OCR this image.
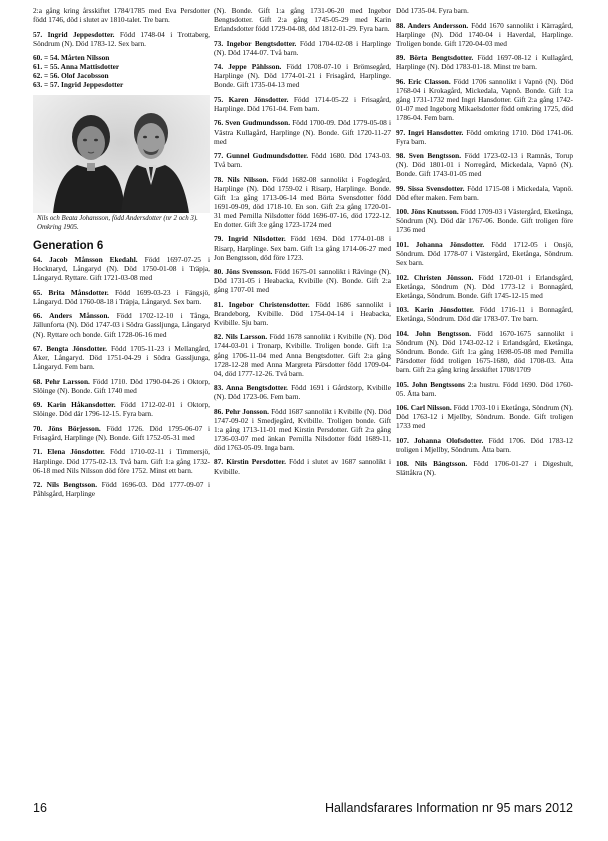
2:a gång kring årsskiftet 1784/1785 med Eva Persdotter född 1746, död i slutet av 1810-talet. Tre barn.
57. Ingrid Jeppesdotter. Född 1748-04 i Trottaberg, Söndrum (N). Död 1783-12. Sex barn.

60. = 54. Mårten Nilsson

61. = 55. Anna Mattisdotter

62. = 56. Olof Jacobsson

63. = 57. Ingrid Jeppesdotter

Nils och Beata Johansson, född Andersdotter (nr 2 och 3). Omkring 1905.
Generation 6
64. Jacob Månsson Ekedahl. Född 1697-07-25 i Hocknaryd, Långaryd (N). Död 1750-01-08 i Träpja, Långaryd. Ryttare. Gift 1721-03-08 med
65. Brita Månsdotter. Född 1699-03-23 i Fängsjö, Långaryd. Död 1760-08-18 i Träpja, Långaryd. Sex barn.
66. Anders Månsson. Född 1702-12-10 i Tånga, Jällunforta (N). Död 1747-03 i Södra Gassljunga, Långaryd (N). Ryttare och bonde. Gift 1728-06-16 med
67. Bengta Jönsdotter. Född 1705-11-23 i Mellangård, Åker, Långaryd. Död 1751-04-29 i Södra Gassljunga, Långaryd. Fem barn.
68. Pehr Larsson. Född 1710. Död 1790-04-26 i Oktorp, Slöinge (N). Bonde. Gift 1740 med
69. Karin Håkansdotter. Född 1712-02-01 i Oktorp, Slöinge. Död där 1796-12-15. Fyra barn.
70. Jöns Börjesson. Född 1726. Död 1795-06-07 i Frisagård, Harplinge (N). Bonde. Gift 1752-05-31 med
71. Elena Jönsdotter. Född 1710-02-11 i Timmersjö, Harplinge. Död 1775-02-13. Två barn. Gift 1:a gång 1732-06-18 med Nils Nilsson död före 1752. Minst ett barn.
72. Nils Bengtsson. Född 1696-03. Död 1777-09-07 i Påhlsgård, Harplinge
(N). Bonde. Gift 1:a gång 1731-06-20 med Ingebor Bengtsdotter. Gift 2:a gång 1745-05-29 med Karin Erlandsdotter född 1729-04-08, död 1812-01-29. Fyra barn.
73. Ingebor Bengtsdotter. Född 1704-02-08 i Harplinge (N). Död 1744-07. Två barn.
74. Jeppe Pählsson. Född 1708-07-10 i Brömsegård, Harplinge (N). Död 1774-01-21 i Frisagård, Harplinge. Bonde. Gift 1735-04-13 med
75. Karen Jönsdotter. Född 1714-05-22 i Frisagård, Harplinge. Död 1761-04. Fem barn.
76. Sven Gudmundsson. Född 1700-09. Död 1779-05-08 i Västra Kullagård, Harplinge (N). Bonde. Gift 1720-11-27 med
77. Gunnel Gudmundsdotter. Född 1680. Död 1743-03. Två barn.
78. Nils Nilsson. Född 1682-08 sannolikt i Fogdegård, Harplinge (N). Död 1759-02 i Risarp, Harplinge. Bonde. Gift 1:a gång 1713-06-14 med Börta Svensdotter född 1691-09-09, död 1718-10. En son. Gift 2:a gång 1720-01-31 med Pernilla Nilsdotter född 1696-07-16, död 1722-12. En dotter. Gift 3:e gång 1723-1724 med
79. Ingrid Nilsdotter. Född 1694. Död 1774-01-08 i Risarp, Harplinge. Sex barn. Gift 1:a gång 1714-06-27 med Jon Bengtsson, död före 1723.
80. Jöns Svensson. Född 1675-01 sannolikt i Rävinge (N). Död 1731-05 i Heabacka, Kvibille (N). Bonde. Gift 2:a gång 1707-01 med
81. Ingebor Christensdotter. Född 1686 sannolikt i Brandeborg, Kvibille. Död 1754-04-14 i Heabacka, Kvibille. Sju barn.
82. Nils Larsson. Född 1678 sannolikt i Kvibille (N). Död 1744-03-01 i Tronarp, Kvibille. Troligen bonde. Gift 1:a gång 1706-11-04 med Anna Bengtsdotter. Gift 2:a gång 1728-12-28 med Anna Margreta Pärsdotter född 1709-04-04, död 1777-12-26. Två barn.
83. Anna Bengtsdotter. Född 1691 i Gårdstorp, Kvibille (N). Död 1723-06. Fem barn.
86. Pehr Jonsson. Född 1687 sannolikt i Kvibille (N). Död 1747-09-02 i Smedjegård, Kvibille. Troligen bonde. Gift 1:a gång 1713-11-01 med Kirstin Persdotter. Gift 2:a gång 1736-03-07 med änkan Pernilla Nilsdotter född 1689-11, död 1763-05-09. Inga barn.
87. Kirstin Persdotter. Född i slutet av 1687 sannolikt i Kvibille.
Död 1735-04. Fyra barn.
88. Anders Andersson. Född 1670 sannolikt i Kärragård, Harplinge (N). Död 1740-04 i Haverdal, Harplinge. Troligen bonde. Gift 1720-04-03 med
89. Börta Bengtsdotter. Född 1697-08-12 i Kullagård, Harplinge (N). Död 1783-01-18. Minst tre barn.
96. Eric Classon. Född 1706 sannolikt i Vapnö (N). Död 1768-04 i Krokagård, Mickedala, Vapnö. Bonde. Gift 1:a gång 1731-1732 med Ingri Hansdotter. Gift 2:a gång 1742-01-07 med Ingeborg Mikaelsdotter född omkring 1725, död 1786-04. Fem barn.
97. Ingri Hansdotter. Född omkring 1710. Död 1741-06. Fyra barn.
98. Sven Bengtsson. Född 1723-02-13 i Ramnäs, Torup (N). Död 1801-01 i Norregård, Mickedala, Vapnö (N). Bonde. Gift 1743-01-05 med
99. Sissa Svensdotter. Född 1715-08 i Mickedala, Vapnö. Död efter maken. Fem barn.
100. Jöns Knutsson. Född 1709-03 i Västergård, Eketånga, Söndrum (N). Död där 1767-06. Bonde. Gift troligen före 1736 med
101. Johanna Jönsdotter. Född 1712-05 i Onsjö, Söndrum. Död 1778-07 i Västergård, Eketånga, Söndrum. Sex barn.
102. Christen Jönsson. Född 1720-01 i Erlandsgård, Eketånga, Söndrum (N). Död 1773-12 i Bonnagård, Eketånga, Söndrum. Bonde. Gift 1745-12-15 med
103. Karin Jönsdotter. Född 1716-11 i Bonnagård, Eketånga, Söndrum. Död där 1783-07. Tre barn.
104. John Bengtsson. Född 1670-1675 sannolikt i Söndrum (N). Död 1743-02-12 i Erlandsgård, Eketånga, Söndrum. Bonde. Gift 1:a gång 1698-05-08 med Pernilla Pärsdotter född troligen 1675-1680, död 1708-03. Åtta barn. Gift 2:a gång kring årsskiftet 1708/1709
105. John Bengtssons 2:a hustru. Född 1690. Död 1760-05. Åtta barn.
106. Carl Nilsson. Född 1703-10 i Eketånga, Söndrum (N). Död 1763-12 i Mjellby, Söndrum. Bonde. Gift troligen 1733 med
107. Johanna Olofsdotter. Född 1706. Död 1783-12 troligen i Mjellby, Söndrum. Åtta barn.
108. Nils Bängtsson. Född 1706-01-27 i Digeshult, Slättåkra (N).
16	Hallandsfarares Information nr 95 mars 2012
